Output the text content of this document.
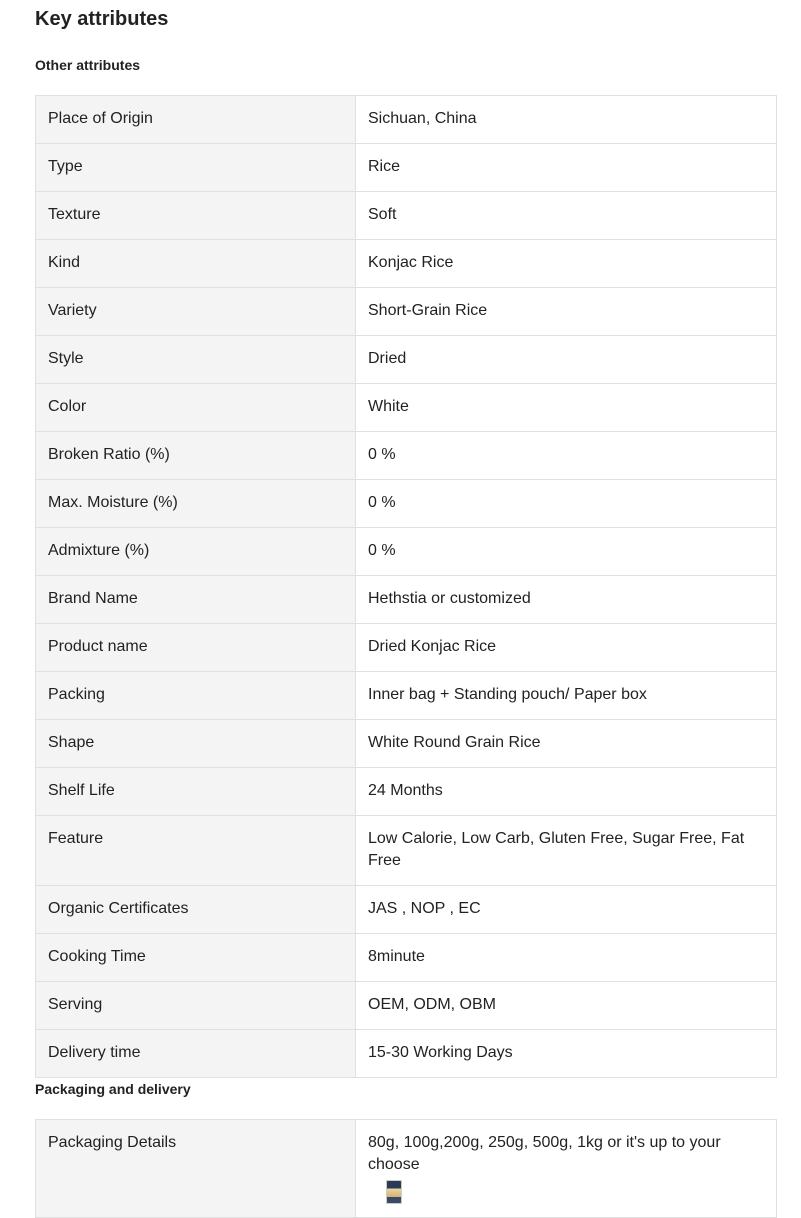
Key attributes
Other attributes
Place of Origin	Sichuan, China
Type	Rice
Texture	Soft
Kind	Konjac Rice
Variety	Short-Grain Rice
Style	Dried
Color	White
Broken Ratio (%)	0 %
Max. Moisture (%)	0 %
Admixture (%)	0 %
Brand Name	Hethstia or customized
Product name	Dried Konjac Rice
Packing	Inner bag + Standing pouch/ Paper box
Shape	White Round Grain Rice
Shelf Life	24 Months
Feature	Low Calorie, Low Carb, Gluten Free, Sugar Free, Fat Free
Organic Certificates	JAS , NOP , EC
Cooking Time	8minute
Serving	OEM, ODM, OBM
Delivery time	15-30 Working Days
Packaging and delivery
Packaging Details	80g, 100g,200g, 250g, 500g, 1kg or it's up to your choose
